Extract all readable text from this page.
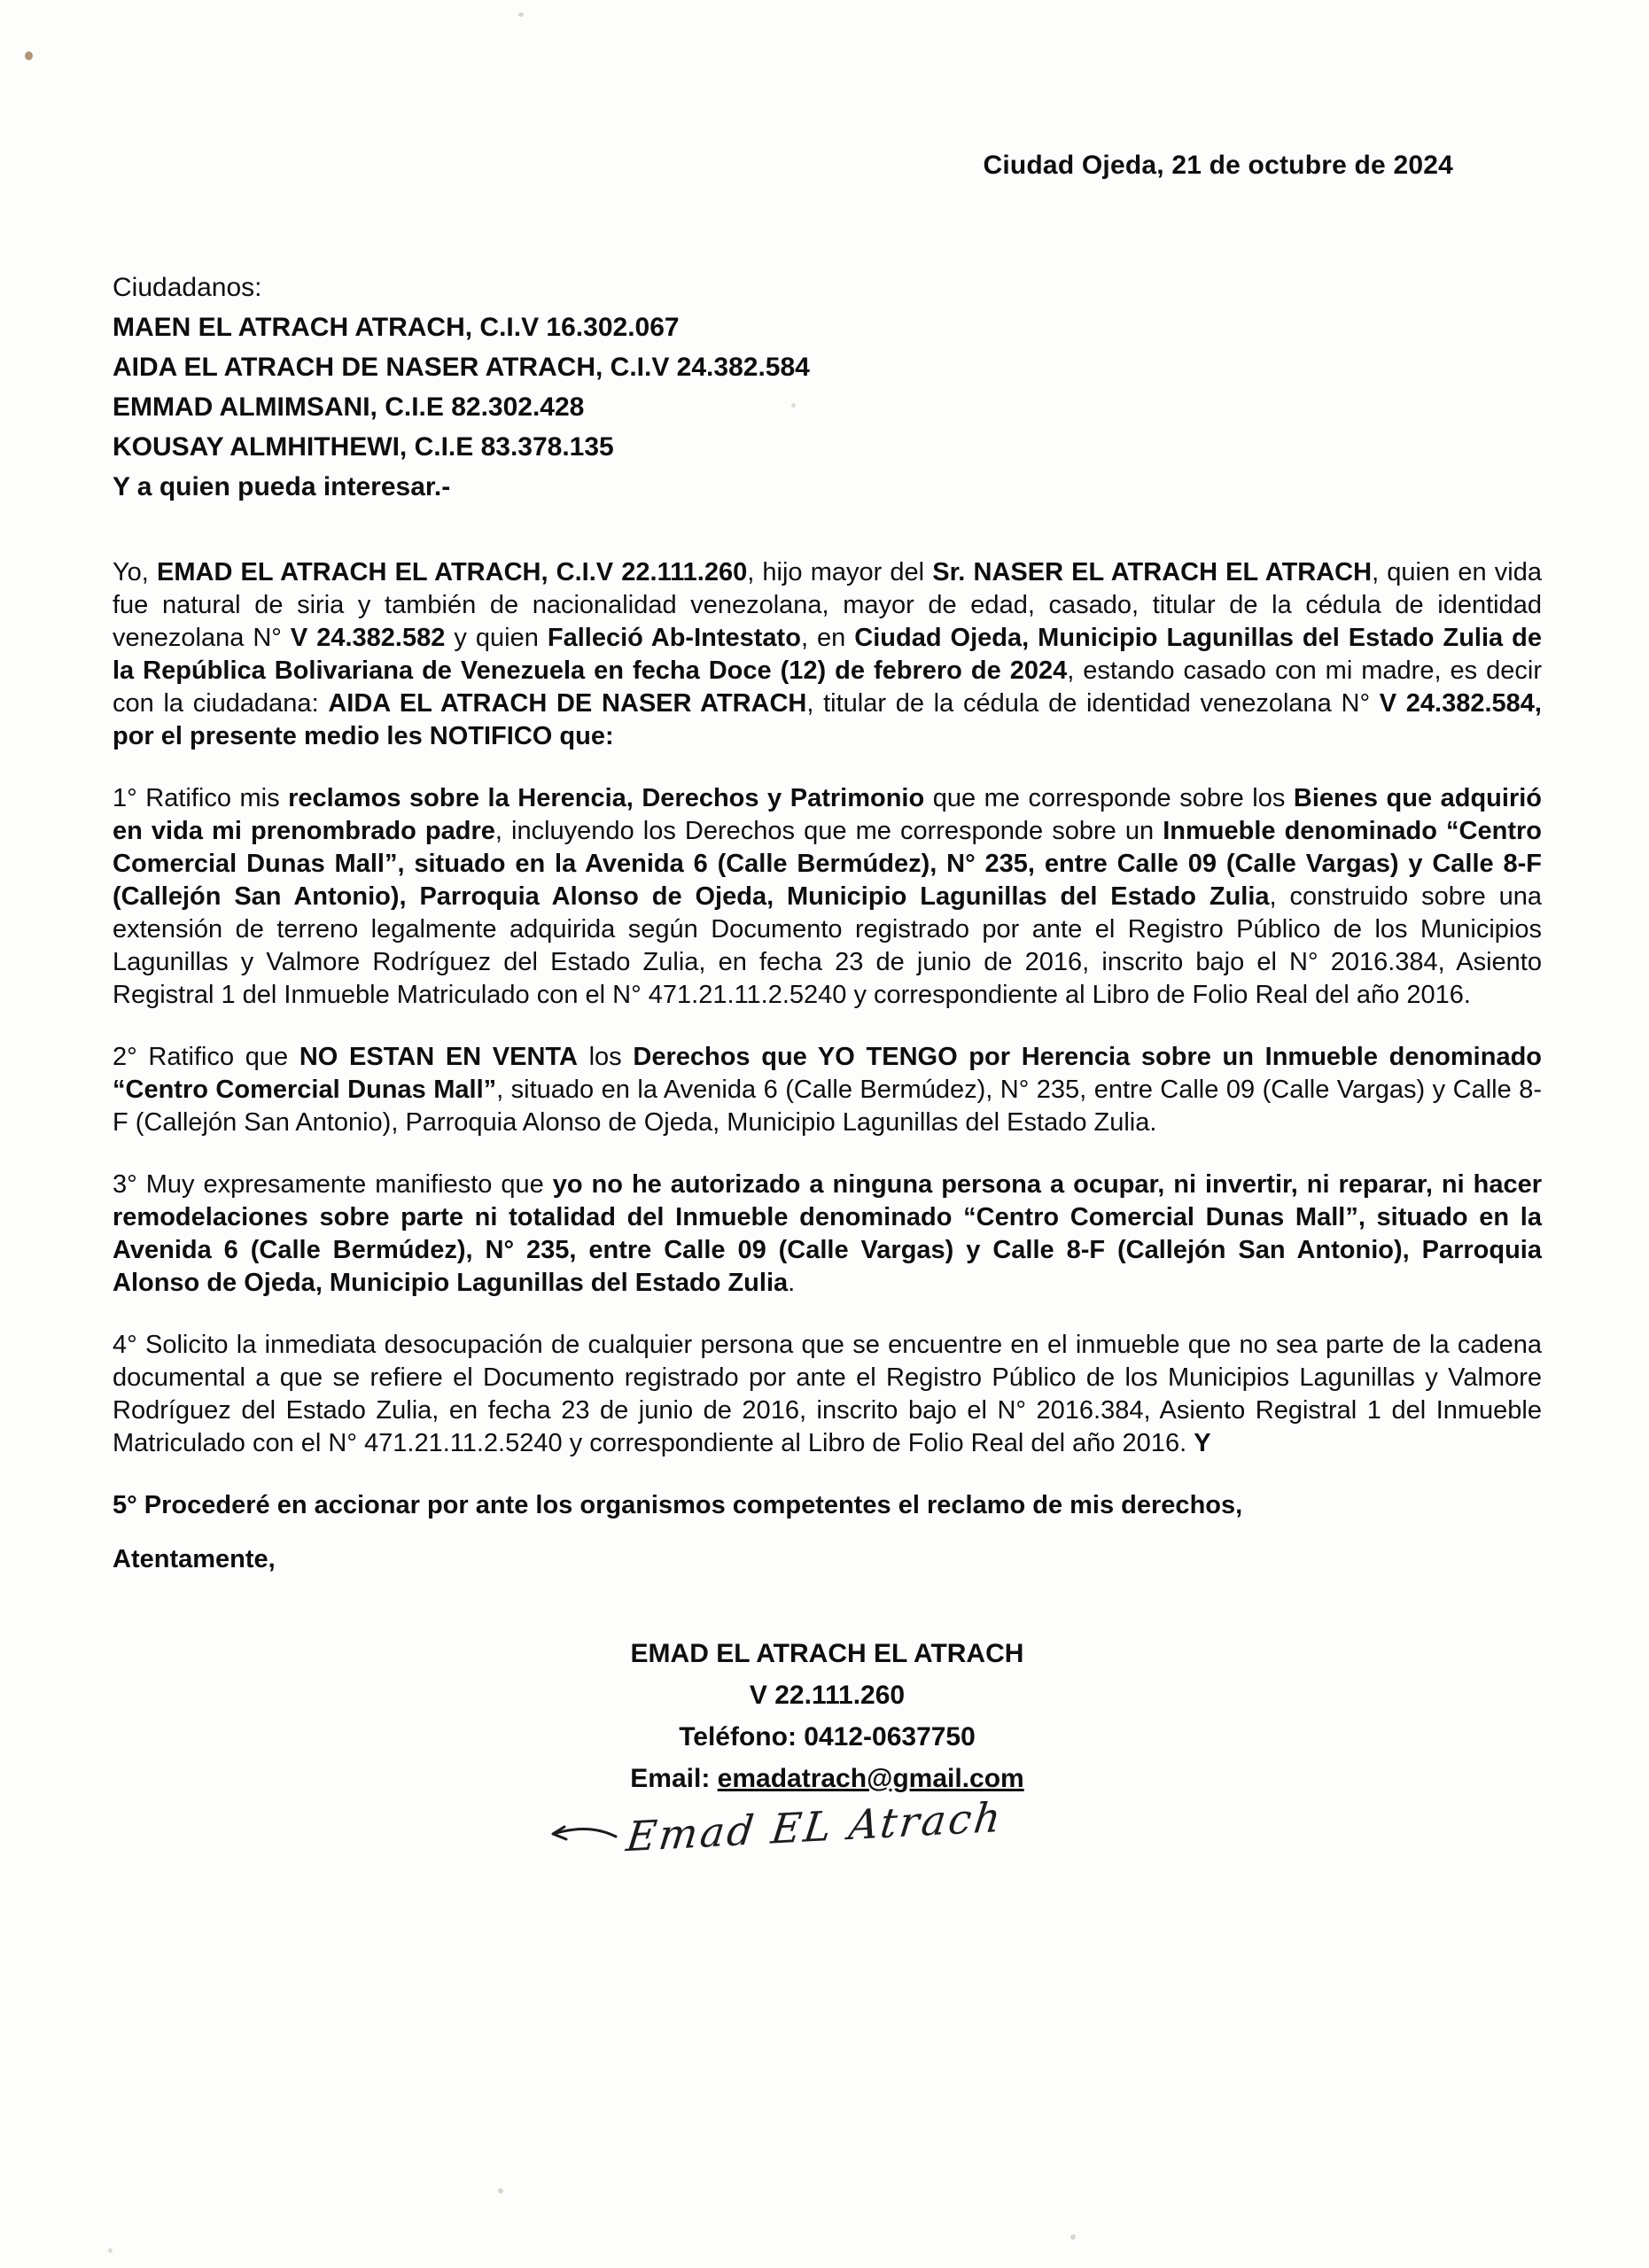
Ciudad Ojeda, 21 de octubre de 2024
Ciudadanos:
MAEN EL ATRACH ATRACH, C.I.V 16.302.067
AIDA EL ATRACH DE NASER ATRACH, C.I.V 24.382.584
EMMAD ALMIMSANI, C.I.E 82.302.428
KOUSAY ALMHITHEWI, C.I.E 83.378.135
Y a quien pueda interesar.-

Yo, EMAD EL ATRACH EL ATRACH, C.I.V 22.111.260, hijo mayor del Sr. NASER EL ATRACH EL ATRACH, quien en vida fue natural de siria y también de nacionalidad venezolana, mayor de edad, casado, titular de la cédula de identidad venezolana N° V 24.382.582 y quien Falleció Ab-Intestato, en Ciudad Ojeda, Municipio Lagunillas del Estado Zulia de la República Bolivariana de Venezuela en fecha Doce (12) de febrero de 2024, estando casado con mi madre, es decir con la ciudadana: AIDA EL ATRACH DE NASER ATRACH, titular de la cédula de identidad venezolana N° V 24.382.584, por el presente medio les NOTIFICO que:

1° Ratifico mis reclamos sobre la Herencia, Derechos y Patrimonio que me corresponde sobre los Bienes que adquirió en vida mi prenombrado padre, incluyendo los Derechos que me corresponde sobre un Inmueble denominado “Centro Comercial Dunas Mall”, situado en la Avenida 6 (Calle Bermúdez), N° 235, entre Calle 09 (Calle Vargas) y Calle 8-F (Callejón San Antonio), Parroquia Alonso de Ojeda, Municipio Lagunillas del Estado Zulia, construido sobre una extensión de terreno legalmente adquirida según Documento registrado por ante el Registro Público de los Municipios Lagunillas y Valmore Rodríguez del Estado Zulia, en fecha 23 de junio de 2016, inscrito bajo el N° 2016.384, Asiento Registral 1 del Inmueble Matriculado con el N° 471.21.11.2.5240 y correspondiente al Libro de Folio Real del año 2016.

2° Ratifico que NO ESTAN EN VENTA los Derechos que YO TENGO por Herencia sobre un Inmueble denominado “Centro Comercial Dunas Mall”, situado en la Avenida 6 (Calle Bermúdez), N° 235, entre Calle 09 (Calle Vargas) y Calle 8-F (Callejón San Antonio), Parroquia Alonso de Ojeda, Municipio Lagunillas del Estado Zulia.

3° Muy expresamente manifiesto que yo no he autorizado a ninguna persona a ocupar, ni invertir, ni reparar, ni hacer remodelaciones sobre parte ni totalidad del Inmueble denominado “Centro Comercial Dunas Mall”, situado en la Avenida 6 (Calle Bermúdez), N° 235, entre Calle 09 (Calle Vargas) y Calle 8-F (Callejón San Antonio), Parroquia Alonso de Ojeda, Municipio Lagunillas del Estado Zulia.

4° Solicito la inmediata desocupación de cualquier persona que se encuentre en el inmueble que no sea parte de la cadena documental a que se refiere el Documento registrado por ante el Registro Público de los Municipios Lagunillas y Valmore Rodríguez del Estado Zulia, en fecha 23 de junio de 2016, inscrito bajo el N° 2016.384, Asiento Registral 1 del Inmueble Matriculado con el N° 471.21.11.2.5240 y correspondiente al Libro de Folio Real del año 2016. Y

5° Procederé en accionar por ante los organismos competentes el reclamo de mis derechos,

Atentamente,

EMAD EL ATRACH EL ATRACH
V 22.111.260
Teléfono: 0412-0637750
Email: emadatrach@gmail.com
Emad EL Atrach
